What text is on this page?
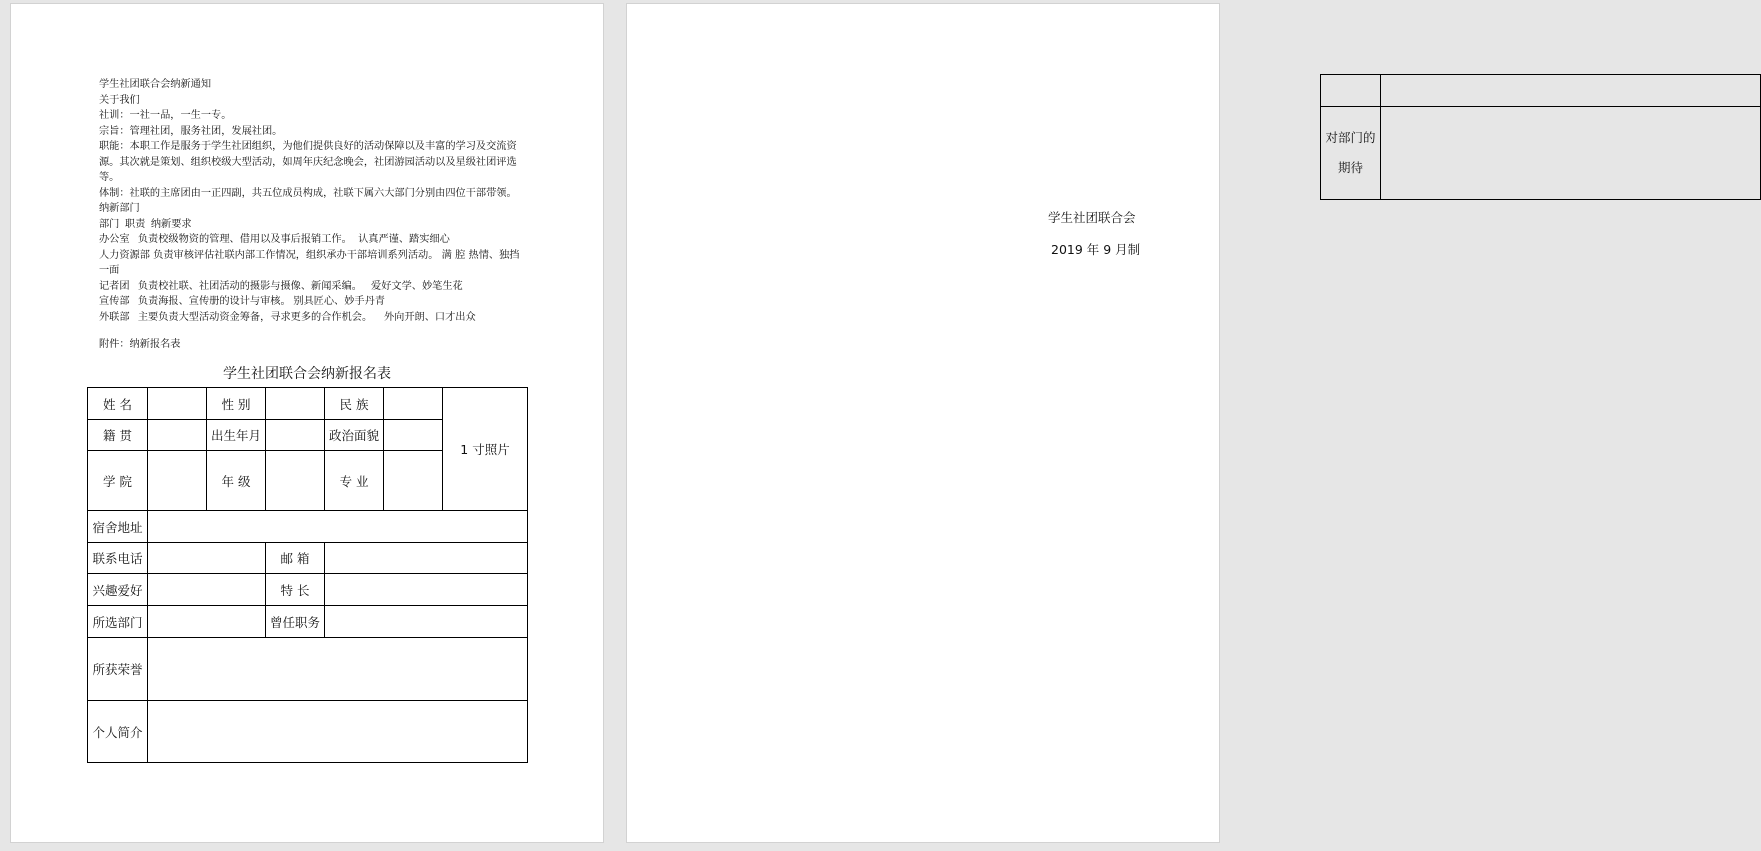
学生社团联合会纳新通知
关于我们
社训：一社一品，一生一专。
宗旨：管理社团，服务社团，发展社团。
职能：本职工作是服务于学生社团组织，为他们提供良好的活动保障以及丰富的学习及交流资源。其次就是策划、组织校级大型活动，如周年庆纪念晚会，社团游园活动以及星级社团评选等。
体制：社联的主席团由一正四副，共五位成员构成，社联下属六大部门分别由四位干部带领。
纳新部门
部门	职责	纳新要求
办公室	负责校级物资的管理、借用以及事后报销工作。	认真严谨、踏实细心
人力资源部 负责审核评估社联内部工作情况，组织承办干部培训系列活动。 满 腔 热情、独挡一面
记者团	负责校社联、社团活动的摄影与摄像、新闻采编。	爱好文学、妙笔生花
宣传部	负责海报、宣传册的设计与审核。	别具匠心、妙手丹青
外联部	主要负责大型活动资金筹备，寻求更多的合作机会。	外向开朗、口才出众
附件：纳新报名表
学生社团联合会纳新报名表
姓 名		性 别		民 族		1 寸照片
籍 贯		出生年月		政治面貌		
学 院		年 级		专 业		
宿舍地址						
联系电话			邮 箱			
兴趣爱好			特 长			
所选部门			曾任职务			
所获荣誉						
个人简介						

对部门的
期待	

学生社团联合会
2019 年 9 月制
